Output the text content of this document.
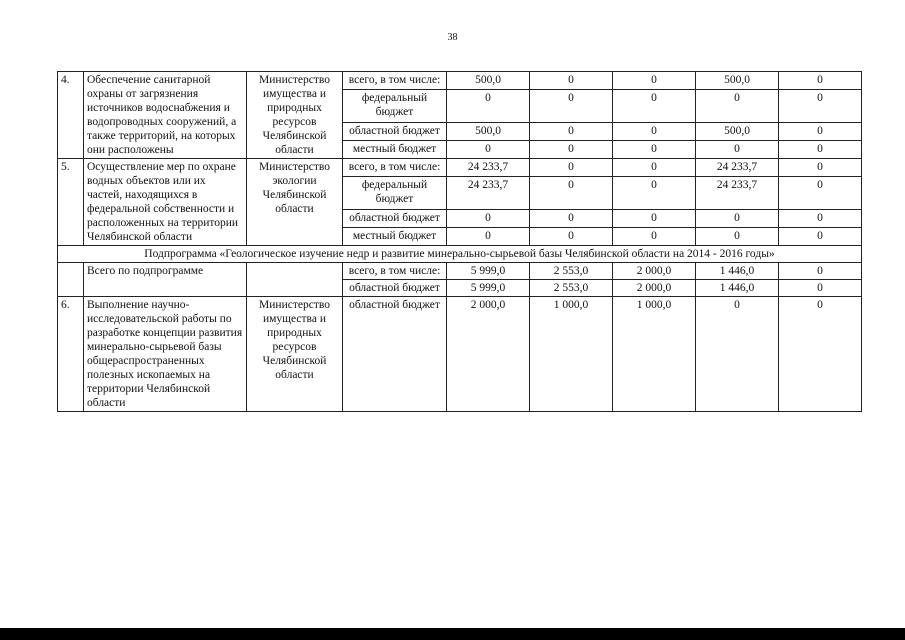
38
4.	Обеспечение санитарной охраны от загрязнения источников водоснабжения и водопроводных сооружений, а также территорий, на которых они расположены	Министерство имущества и природных ресурсов Челябинской области	всего, в том числе:	500,0	0	0	500,0	0
			федеральный бюджет	0	0	0	0	0
			областной бюджет	500,0	0	0	500,0	0
			местный бюджет	0	0	0	0	0
5.	Осуществление мер по охране водных объектов или их частей, находящихся в федеральной собственности и расположенных на территории Челябинской области	Министерство экологии Челябинской области	всего, в том числе:	24 233,7	0	0	24 233,7	0
			федеральный бюджет	24 233,7	0	0	24 233,7	0
			областной бюджет	0	0	0	0	0
			местный бюджет	0	0	0	0	0
Подпрограмма «Геологическое изучение недр и развитие минерально-сырьевой базы Челябинской области на 2014 - 2016 годы»								
	Всего по подпрограмме		всего, в том числе:	5 999,0	2 553,0	2 000,0	1 446,0	0
			областной бюджет	5 999,0	2 553,0	2 000,0	1 446,0	0
6.	Выполнение научно-исследовательской работы по разработке концепции развития минерально-сырьевой базы общераспространенных полезных ископаемых на территории Челябинской области	Министерство имущества и природных ресурсов Челябинской области	областной бюджет	2 000,0	1 000,0	1 000,0	0	0
